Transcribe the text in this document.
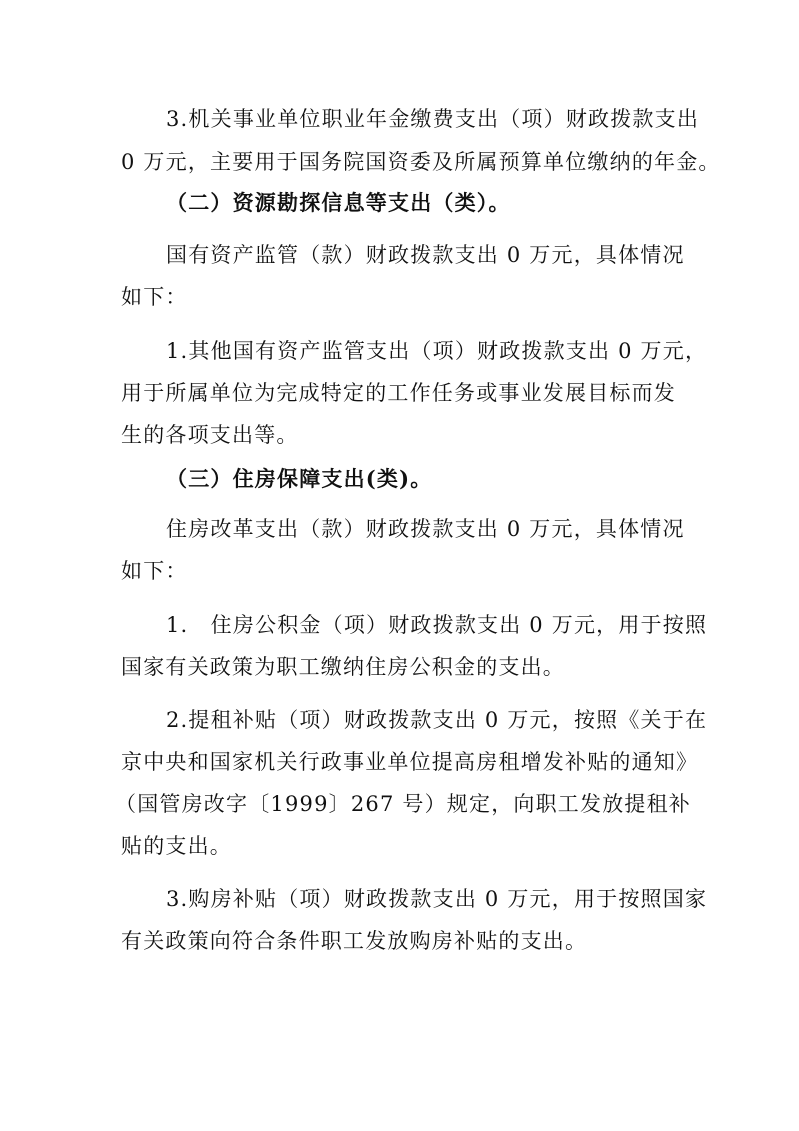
3.机关事业单位职业年金缴费支出（项）财政拨款支出
0 万元，主要用于国务院国资委及所属预算单位缴纳的年金。
（二）资源勘探信息等支出（类）。
国有资产监管（款）财政拨款支出 0 万元，具体情况
如下：
1.其他国有资产监管支出（项）财政拨款支出 0 万元，
用于所属单位为完成特定的工作任务或事业发展目标而发
生的各项支出等。
（三）住房保障支出(类)。
住房改革支出（款）财政拨款支出 0 万元，具体情况
如下：
1.　住房公积金（项）财政拨款支出 0 万元，用于按照
国家有关政策为职工缴纳住房公积金的支出。
2.提租补贴（项）财政拨款支出 0 万元，按照《关于在
京中央和国家机关行政事业单位提高房租增发补贴的通知》
（国管房改字〔1999〕267 号）规定，向职工发放提租补
贴的支出。
3.购房补贴（项）财政拨款支出 0 万元，用于按照国家
有关政策向符合条件职工发放购房补贴的支出。
